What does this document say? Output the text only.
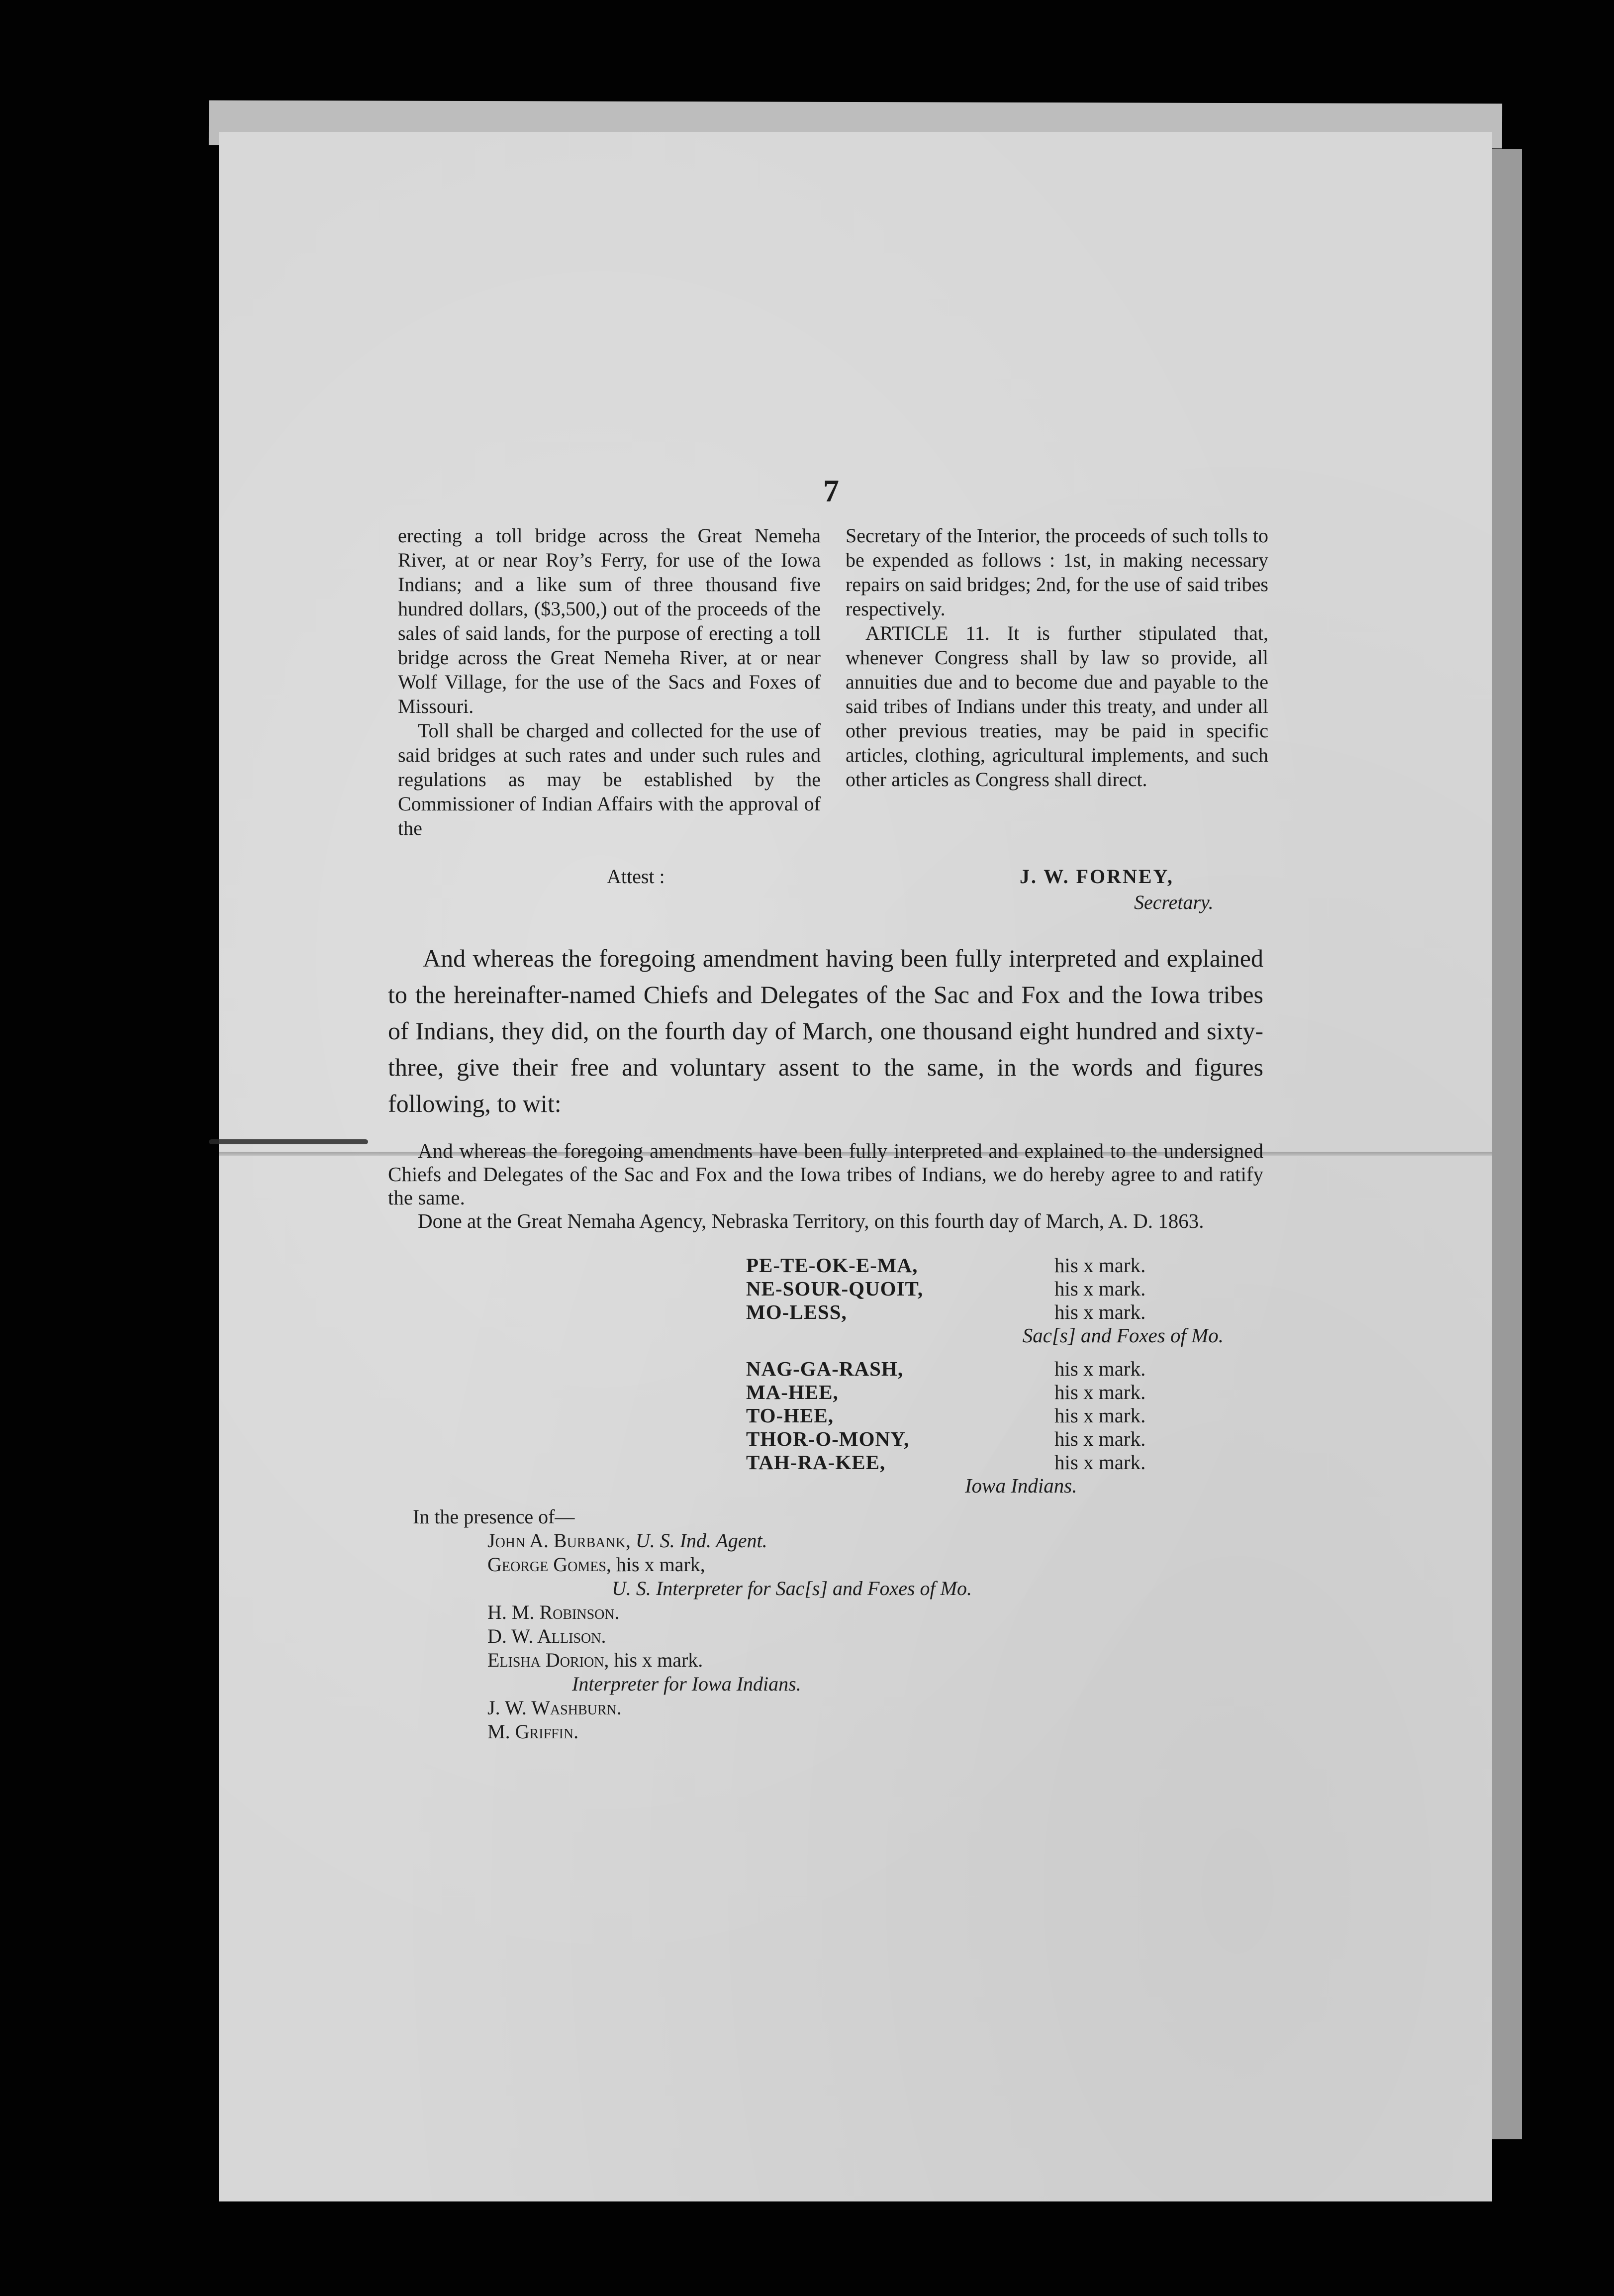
7

erecting a toll bridge across the Great Nemeha River, at or near Roy’s Ferry, for use of the Iowa Indians; and a like sum of three thousand five hundred dollars, ($3,500,) out of the proceeds of the sales of said lands, for the purpose of erecting a toll bridge across the Great Nemeha River, at or near Wolf Village, for the use of the Sacs and Foxes of Missouri.

Toll shall be charged and collected for the use of said bridges at such rates and under such rules and regulations as may be established by the Commissioner of Indian Affairs with the approval of the

Secretary of the Interior, the proceeds of such tolls to be expended as follows : 1st, in making necessary repairs on said bridges; 2nd, for the use of said tribes respectively.

ARTICLE 11. It is further stipulated that, whenever Congress shall by law so provide, all annuities due and to become due and payable to the said tribes of Indians under this treaty, and under all other previous treaties, may be paid in specific articles, clothing, agricultural implements, and such other articles as Congress shall direct.

Attest :	J. W. FORNEY,
Secretary.

And whereas the foregoing amendment having been fully interpreted and explained to the hereinafter-named Chiefs and Delegates of the Sac and Fox and the Iowa tribes of Indians, they did, on the fourth day of March, one thousand eight hundred and sixty-three, give their free and voluntary assent to the same, in the words and figures following, to wit:

And whereas the foregoing amendments have been fully interpreted and explained to the undersigned Chiefs and Delegates of the Sac and Fox and the Iowa tribes of Indians, we do hereby agree to and ratify the same.

Done at the Great Nemaha Agency, Nebraska Territory, on this fourth day of March, A. D. 1863.

PE-TE-OK-E-MA,	his x mark.
NE-SOUR-QUOIT,	his x mark.
MO-LESS,	his x mark.
Sac[s] and Foxes of Mo.
NAG-GA-RASH,	his x mark.
MA-HEE,	his x mark.
TO-HEE,	his x mark.
THOR-O-MONY,	his x mark.
TAH-RA-KEE,	his x mark.
Iowa Indians.
In the presence of—
John A. Burbank, U. S. Ind. Agent.
George Gomes, his x mark,
U. S. Interpreter for Sac[s] and Foxes of Mo.
H. M. Robinson.
D. W. Allison.
Elisha Dorion, his x mark.
Interpreter for Iowa Indians.
J. W. Washburn.
M. Griffin.
